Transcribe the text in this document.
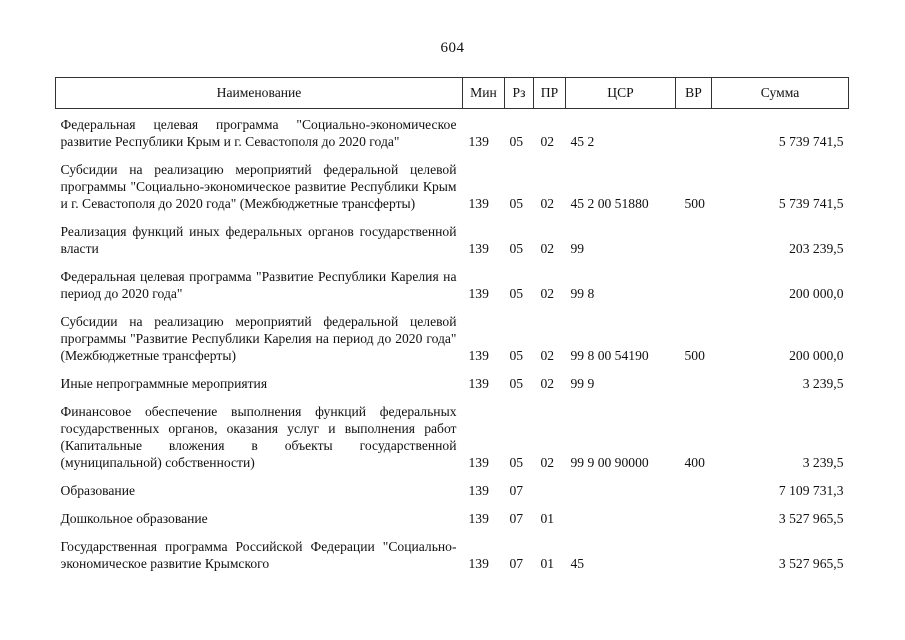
604
Наименование	Мин	Рз	ПР	ЦСР	ВР	Сумма
Федеральная целевая программа "Социально-экономическое развитие Республики Крым и г. Севастополя до 2020 года"	139	05	02	45 2		5 739 741,5
Субсидии на реализацию мероприятий федеральной целевой программы "Социально-экономическое развитие Республики Крым и г. Севастополя до 2020 года" (Межбюджетные трансферты)	139	05	02	45 2 00 51880	500	5 739 741,5
Реализация функций иных федеральных органов государственной власти	139	05	02	99		203 239,5
Федеральная целевая программа "Развитие Республики Карелия на период до 2020 года"	139	05	02	99 8		200 000,0
Субсидии на реализацию мероприятий федеральной целевой программы "Развитие Республики Карелия на период до 2020 года" (Межбюджетные трансферты)	139	05	02	99 8 00 54190	500	200 000,0
Иные непрограммные мероприятия	139	05	02	99 9		3 239,5
Финансовое обеспечение выполнения функций федеральных государственных органов, оказания услуг и выполнения работ (Капитальные вложения в объекты государственной (муниципальной) собственности)	139	05	02	99 9 00 90000	400	3 239,5
Образование	139	07				7 109 731,3
Дошкольное образование	139	07	01			3 527 965,5
Государственная программа Российской Федерации "Социально-экономическое развитие Крымского	139	07	01	45		3 527 965,5
